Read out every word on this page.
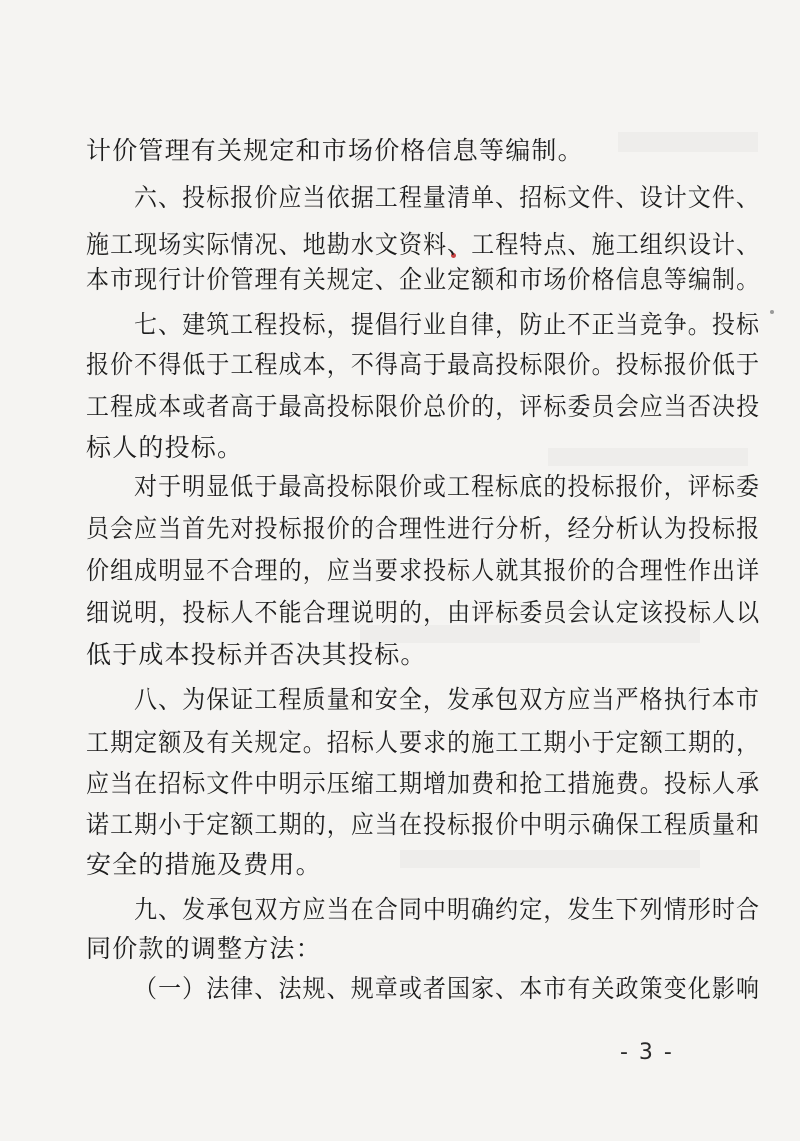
计价管理有关规定和市场价格信息等编制。
六、投标报价应当依据工程量清单、招标文件、设计文件、
施工现场实际情况、地勘水文资料、工程特点、施工组织设计、
本市现行计价管理有关规定、企业定额和市场价格信息等编制。
七、建筑工程投标，提倡行业自律，防止不正当竞争。投标
报价不得低于工程成本，不得高于最高投标限价。投标报价低于
工程成本或者高于最高投标限价总价的，评标委员会应当否决投
标人的投标。
对于明显低于最高投标限价或工程标底的投标报价，评标委
员会应当首先对投标报价的合理性进行分析，经分析认为投标报
价组成明显不合理的，应当要求投标人就其报价的合理性作出详
细说明，投标人不能合理说明的，由评标委员会认定该投标人以
低于成本投标并否决其投标。
八、为保证工程质量和安全，发承包双方应当严格执行本市
工期定额及有关规定。招标人要求的施工工期小于定额工期的，
应当在招标文件中明示压缩工期增加费和抢工措施费。投标人承
诺工期小于定额工期的，应当在投标报价中明示确保工程质量和
安全的措施及费用。
九、发承包双方应当在合同中明确约定，发生下列情形时合
同价款的调整方法：
（一）法律、法规、规章或者国家、本市有关政策变化影响
- 3 -
